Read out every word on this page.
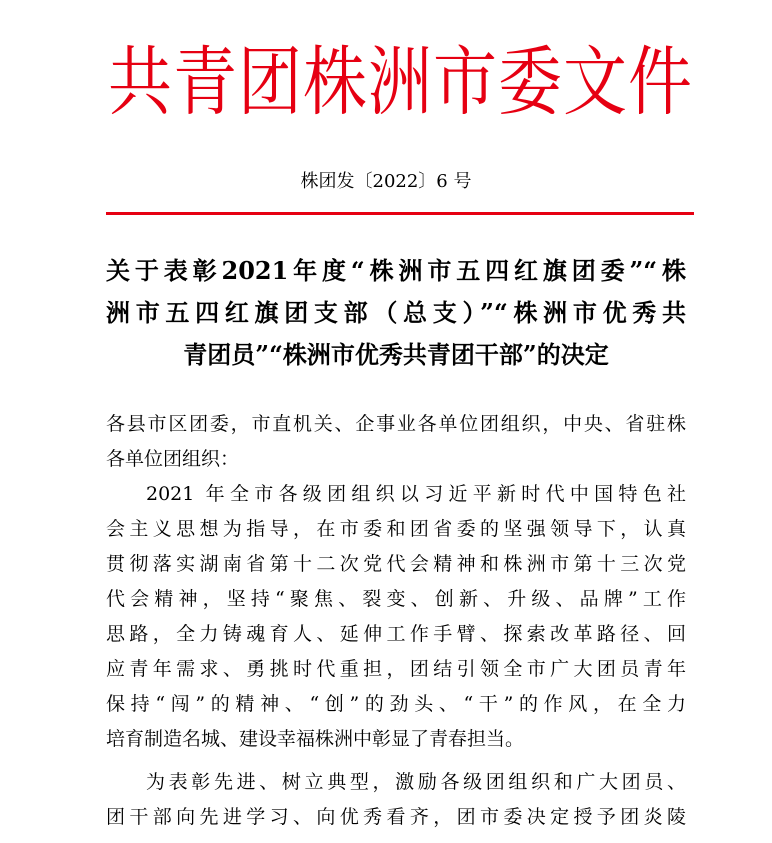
共青团株洲市委文件
株团发〔2022〕6 号
关于表彰2021年度“株洲市五四红旗团委”“株
洲市五四红旗团支部（总支）”“株洲市优秀共
青团员”“株洲市优秀共青团干部”的决定
各县市区团委，市直机关、企事业各单位团组织，中央、省驻株
各单位团组织：
2021 年全市各级团组织以习近平新时代中国特色社
会主义思想为指导，在市委和团省委的坚强领导下，认真
贯彻落实湖南省第十二次党代会精神和株洲市第十三次党
代会精神，坚持“聚焦、裂变、创新、升级、品牌”工作
思路，全力铸魂育人、延伸工作手臂、探索改革路径、回
应青年需求、勇挑时代重担，团结引领全市广大团员青年
保持“闯”的精神、“创”的劲头、“干”的作风，在全力
培育制造名城、建设幸福株洲中彰显了青春担当。
为表彰先进、树立典型，激励各级团组织和广大团员、
团干部向先进学习、向优秀看齐，团市委决定授予团炎陵
